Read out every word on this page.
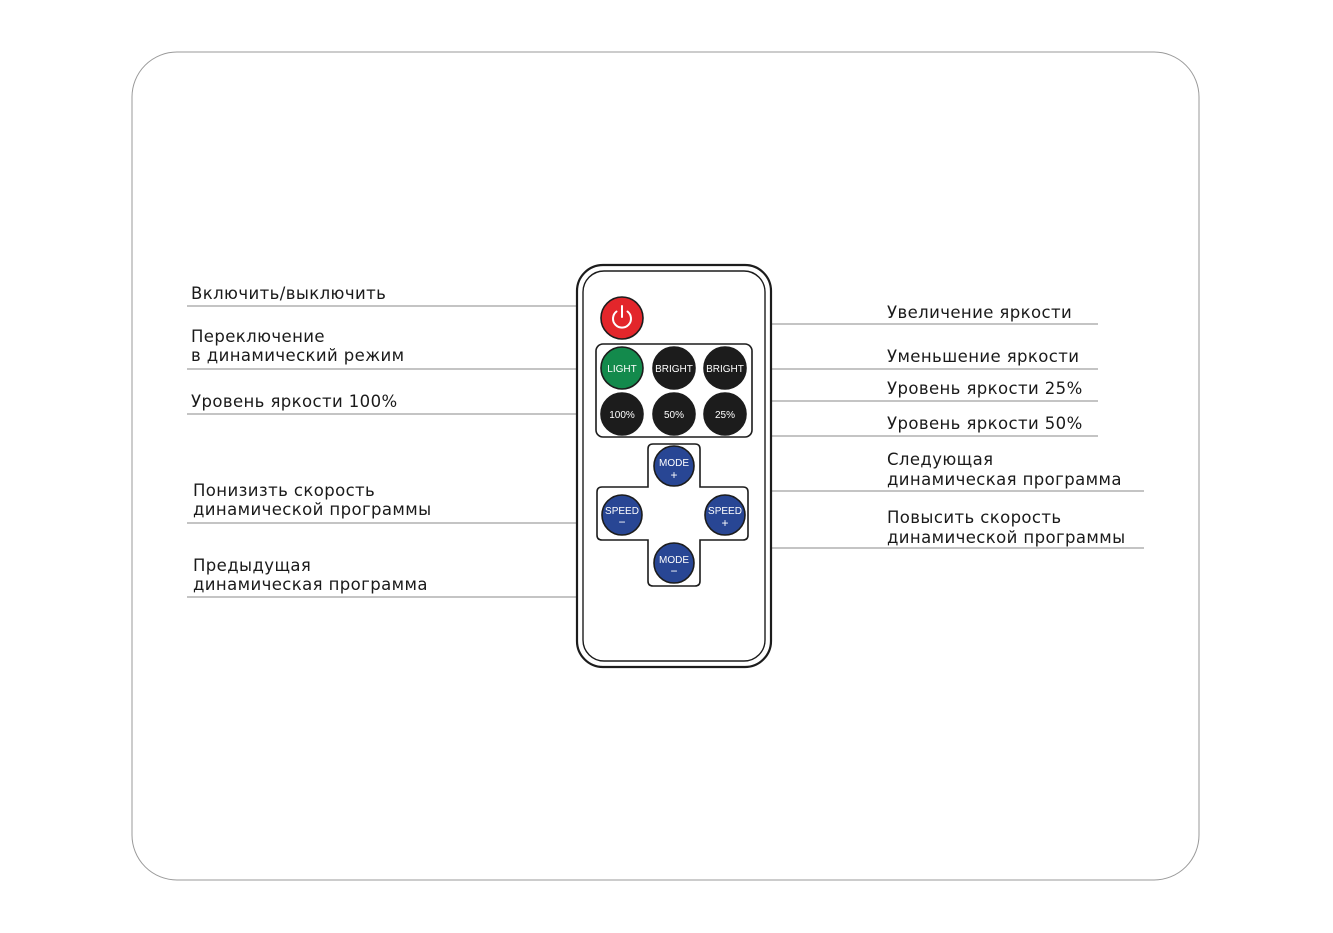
LIGHT BRIGHT BRIGHT
100%	50%	25%
MODE
+
SPEED
−
SPEED
+
MODE
−
Включить/выключить
Переключение
в динамический режим
Уровень яркости 100%
Понизизть скорость
динамической программы
Предыдущая
динамическая программа
Увеличение яркости
Уменьшение яркости
Уровень яркости 25%
Уровень яркости 50%
Следующая
динамическая программа
Повысить скорость
динамической программы
